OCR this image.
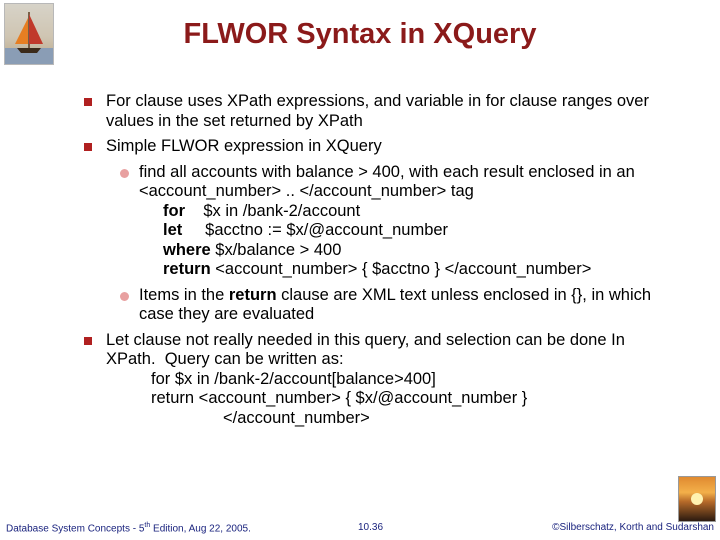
FLWOR Syntax in XQuery
For clause uses XPath expressions, and variable in for clause ranges over
values in the set returned by XPath
Simple FLWOR expression in XQuery
find all accounts with balance > 400, with each result enclosed in an
<account_number> .. </account_number> tag
for    $x in /bank-2/account
let     $acctno := $x/@account_number
where $x/balance > 400
return <account_number> { $acctno } </account_number>
Items in the return clause are XML text unless enclosed in {}, in which
case they are evaluated
Let clause not really needed in this query, and selection can be done In
XPath.  Query can be written as:
for $x in /bank-2/account[balance>400]
return <account_number> { $x/@account_number }
</account_number>
Database System Concepts - 5th Edition, Aug 22, 2005.	10.36	©Silberschatz, Korth and Sudarshan
